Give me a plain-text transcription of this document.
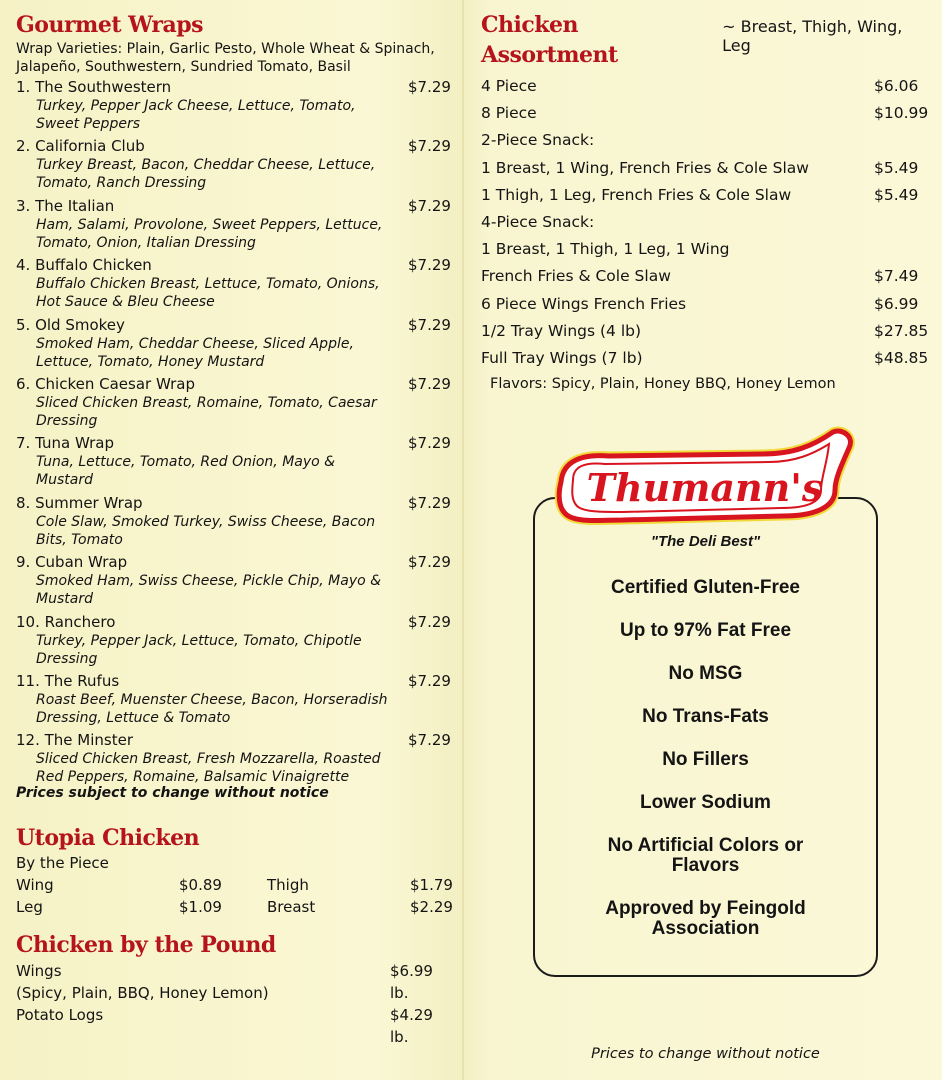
Gourmet Wraps
Wrap Varieties: Plain, Garlic Pesto, Whole Wheat & Spinach, Jalapeño, Southwestern, Sundried Tomato, Basil
1. The Southwestern
Turkey, Pepper Jack Cheese, Lettuce, Tomato, Sweet Peppers
$7.29
2. California Club
Turkey Breast, Bacon, Cheddar Cheese, Lettuce, Tomato, Ranch Dressing
$7.29
3. The Italian
Ham, Salami, Provolone, Sweet Peppers, Lettuce, Tomato, Onion, Italian Dressing
$7.29
4. Buffalo Chicken
Buffalo Chicken Breast, Lettuce, Tomato, Onions, Hot Sauce & Bleu Cheese
$7.29
5. Old Smokey
Smoked Ham, Cheddar Cheese, Sliced Apple, Lettuce, Tomato, Honey Mustard
$7.29
6. Chicken Caesar Wrap
Sliced Chicken Breast, Romaine, Tomato, Caesar Dressing
$7.29
7. Tuna Wrap
Tuna, Lettuce, Tomato, Red Onion, Mayo & Mustard
$7.29
8. Summer Wrap
Cole Slaw, Smoked Turkey, Swiss Cheese, Bacon Bits, Tomato
$7.29
9. Cuban Wrap
Smoked Ham, Swiss Cheese, Pickle Chip, Mayo & Mustard
$7.29
10. Ranchero
Turkey, Pepper Jack, Lettuce, Tomato, Chipotle Dressing
$7.29
11. The Rufus
Roast Beef, Muenster Cheese, Bacon, Horseradish Dressing, Lettuce & Tomato
$7.29
12. The Minster
Sliced Chicken Breast, Fresh Mozzarella, Roasted Red Peppers, Romaine, Balsamic Vinaigrette
$7.29
Prices subject to change without notice
Utopia Chicken
By the Piece
Wing	$0.89	Thigh	$1.79
Leg	$1.09	Breast	$2.29
Chicken by the Pound
Wings	$6.99 lb.
(Spicy, Plain, BBQ, Honey Lemon)
Potato Logs	$4.29 lb.
Chicken Assortment
~ Breast, Thigh, Wing, Leg
4 Piece	$6.06
8 Piece	$10.99
2-Piece Snack:
1 Breast, 1 Wing, French Fries & Cole Slaw	$5.49
1 Thigh, 1 Leg, French Fries & Cole Slaw	$5.49
4-Piece Snack:
1 Breast, 1 Thigh, 1 Leg, 1 Wing
French Fries & Cole Slaw	$7.49
6 Piece Wings French Fries	$6.99
1/2 Tray Wings (4 lb)	$27.85
Full Tray Wings (7 lb)	$48.85
Flavors: Spicy, Plain, Honey BBQ, Honey Lemon
Thumann's
"The Deli Best"
Certified Gluten-Free
Up to 97% Fat Free
No MSG
No Trans-Fats
No Fillers
Lower Sodium
No Artificial Colors or Flavors
Approved by Feingold Association
Prices to change without notice
